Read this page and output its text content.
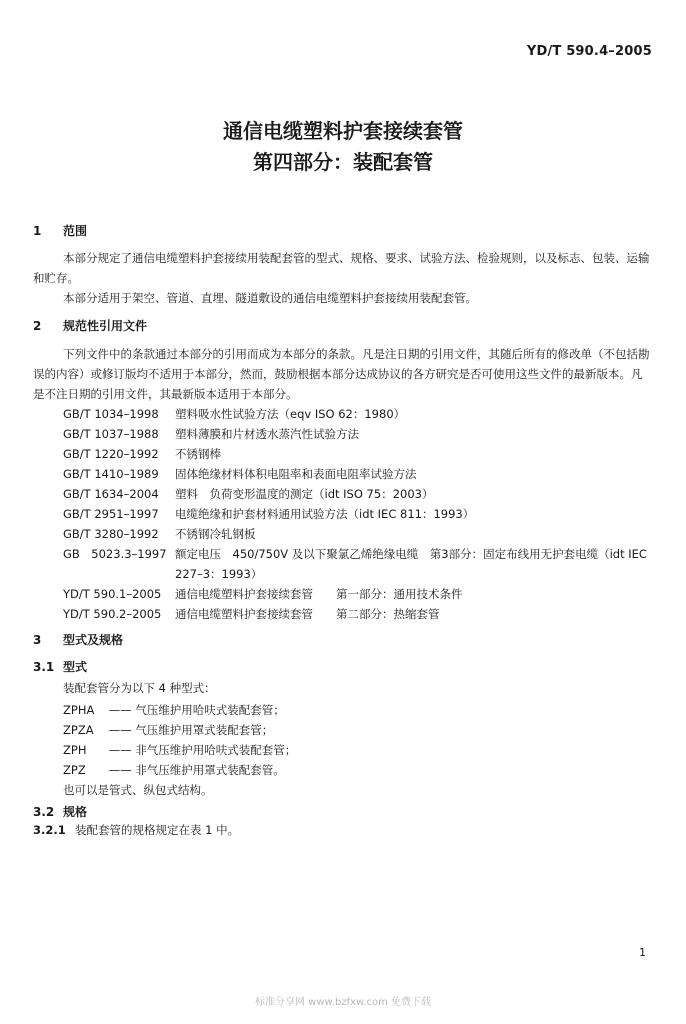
YD/T 590.4–2005
通信电缆塑料护套接续套管
第四部分：装配套管
1 范围
本部分规定了通信电缆塑料护套接续用装配套管的型式、规格、要求、试验方法、检验规则，以及标志、包装、运输和贮存。
本部分适用于架空、管道、直埋、隧道敷设的通信电缆塑料护套接续用装配套管。
2 规范性引用文件
下列文件中的条款通过本部分的引用而成为本部分的条款。凡是注日期的引用文件，其随后所有的修改单（不包括勘误的内容）或修订版均不适用于本部分，然而，鼓励根据本部分达成协议的各方研究是否可使用这些文件的最新版本。凡是不注日期的引用文件，其最新版本适用于本部分。
GB/T 1034–1998	塑料吸水性试验方法（eqv ISO 62：1980）
GB/T 1037–1988	塑料薄膜和片材透水蒸汽性试验方法
GB/T 1220–1992	不锈钢棒
GB/T 1410–1989	固体绝缘材料体积电阻率和表面电阻率试验方法
GB/T 1634–2004	塑料　负荷变形温度的测定（idt ISO 75：2003）
GB/T 2951–1997	电缆绝缘和护套材料通用试验方法（idt IEC 811：1993）
GB/T 3280–1992	不锈钢冷轧钢板
GB　5023.3–1997 额定电压　450/750V 及以下聚氯乙烯绝缘电缆　第3部分：固定布线用无护套电缆（idt IEC 227–3：1993）
YD/T 590.1–2005	通信电缆塑料护套接续套管　　第一部分：通用技术条件
YD/T 590.2–2005	通信电缆塑料护套接续套管　　第二部分：热缩套管
3 型式及规格
3.1 型式
装配套管分为以下 4 种型式：
ZPHA —— 气压维护用哈呋式装配套管；
ZPZA —— 气压维护用罩式装配套管；
ZPH —— 非气压维护用哈呋式装配套管；
ZPZ —— 非气压维护用罩式装配套管。
也可以是管式、纵包式结构。
3.2 规格
3.2.1 装配套管的规格规定在表 1 中。
1
标准分享网 www.bzfxw.com 免费下载
